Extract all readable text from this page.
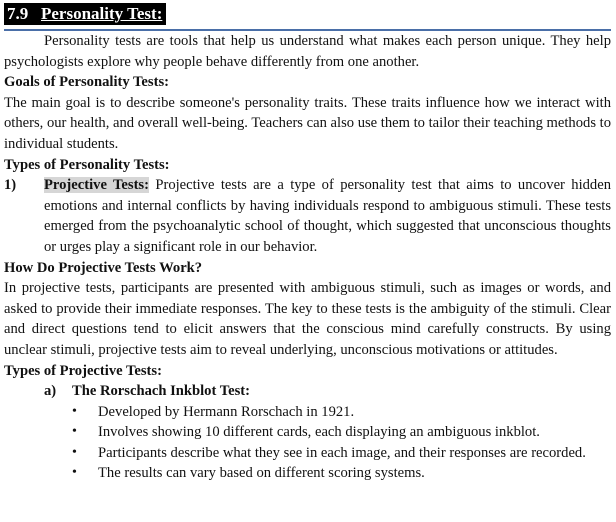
7.9 Personality Test:

Personality tests are tools that help us understand what makes each person unique. They help psychologists explore why people behave differently from one another.

Goals of Personality Tests:

The main goal is to describe someone's personality traits. These traits influence how we interact with others, our health, and overall well-being. Teachers can also use them to tailor their teaching methods to individual students.

Types of Personality Tests:
1)	Projective Tests: Projective tests are a type of personality test that aims to uncover hidden emotions and internal conflicts by having individuals respond to ambiguous stimuli. These tests emerged from the psychoanalytic school of thought, which suggested that unconscious thoughts or urges play a significant role in our behavior.
How Do Projective Tests Work?

In projective tests, participants are presented with ambiguous stimuli, such as images or words, and asked to provide their immediate responses. The key to these tests is the ambiguity of the stimuli. Clear and direct questions tend to elicit answers that the conscious mind carefully constructs. By using unclear stimuli, projective tests aim to reveal underlying, unconscious motivations or attitudes.

Types of Projective Tests:
a)	The Rorschach Inkblot Test:
•	Developed by Hermann Rorschach in 1921.
•	Involves showing 10 different cards, each displaying an ambiguous inkblot.
•	Participants describe what they see in each image, and their responses are recorded.
•	The results can vary based on different scoring systems.
